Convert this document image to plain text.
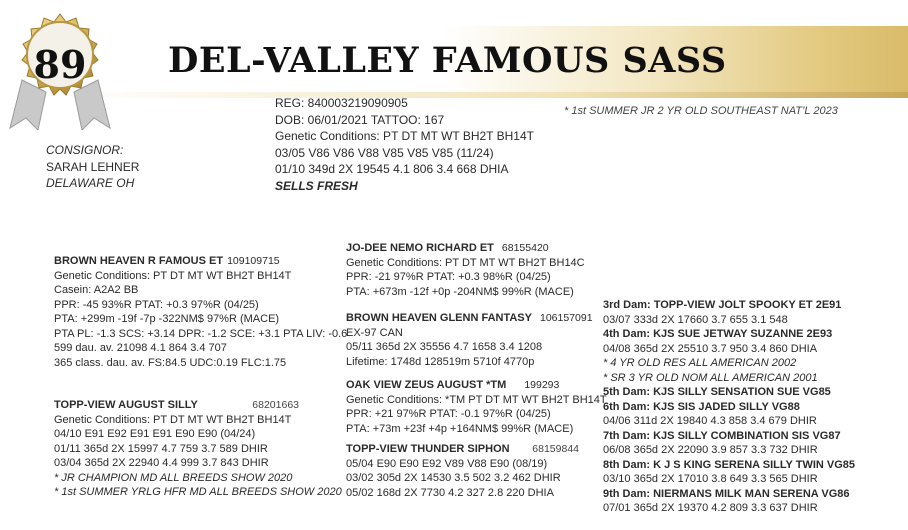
89	DEL-VALLEY FAMOUS SASS
* 1st SUMMER JR 2 YR OLD SOUTHEAST NAT’L 2023
REG: 840003219090905
DOB: 06/01/2021 TATTOO: 167
Genetic Conditions: PT DT MT WT BH2T BH14T
03/05 V86 V86 V88 V85 V85 V85 (11/24)
01/10 349d 2X 19545 4.1 806 3.4 668 DHIA
SELLS FRESH
CONSIGNOR:
SARAH LEHNER
DELAWARE OH
BROWN HEAVEN R FAMOUS ET 109109715
Genetic Conditions: PT DT MT WT BH2T BH14T
Casein: A2A2 BB
PPR: -45 93%R PTAT: +0.3 97%R (04/25)
PTA: +299m -19f -7p -322NM$ 97%R (MACE)
PTA PL: -1.3 SCS: +3.14 DPR: -1.2 SCE: +3.1 PTA LIV: -0.6
599 dau. av. 21098 4.1 864 3.4 707
365 class. dau. av. FS:84.5 UDC:0.19 FLC:1.75
TOPP-VIEW AUGUST SILLY	68201663
Genetic Conditions: PT DT MT WT BH2T BH14T
04/10 E91 E92 E91 E91 E90 E90 (04/24)
01/11 365d 2X 15997 4.7 759 3.7 589 DHIR
03/04 365d 2X 22940 4.4 999 3.7 843 DHIR
* JR CHAMPION MD ALL BREEDS SHOW 2020
* 1st SUMMER YRLG HFR MD ALL BREEDS SHOW 2020
JO-DEE NEMO RICHARD ET 68155420
Genetic Conditions: PT DT MT WT BH2T BH14C
PPR: -21 97%R PTAT: +0.3 98%R (04/25)
PTA: +673m -12f +0p -204NM$ 99%R (MACE)
BROWN HEAVEN GLENN FANTASY 106157091
EX-97 CAN
05/11 365d 2X 35556 4.7 1658 3.4 1208
Lifetime: 1748d 128519m 5710f 4770p
OAK VIEW ZEUS AUGUST *TM 199293
Genetic Conditions: *TM PT DT MT WT BH2T BH14T
PPR: +21 97%R PTAT: -0.1 97%R (04/25)
PTA: +73m +23f +4p +164NM$ 99%R (MACE)
TOPP-VIEW THUNDER SIPHON 68159844
05/04 E90 E90 E92 V89 V88 E90 (08/19)
03/02 305d 2X 14530 3.5 502 3.2 462 DHIR
05/02 168d 2X 7730 4.2 327 2.8 220 DHIA
3rd Dam: TOPP-VIEW JOLT SPOOKY ET 2E91
03/07 333d 2X 17660 3.7 655 3.1 548
4th Dam: KJS SUE JETWAY SUZANNE 2E93
04/08 365d 2X 25510 3.7 950 3.4 860 DHIA
* 4 YR OLD RES ALL AMERICAN 2002
* SR 3 YR OLD NOM ALL AMERICAN 2001
5th Dam: KJS SILLY SENSATION SUE VG85
6th Dam: KJS SIS JADED SILLY VG88
04/06 311d 2X 19840 4.3 858 3.4 679 DHIR
7th Dam: KJS SILLY COMBINATION SIS VG87
06/08 365d 2X 22090 3.9 857 3.3 732 DHIR
8th Dam: K J S KING SERENA SILLY TWIN VG85
03/10 365d 2X 17010 3.8 649 3.3 565 DHIR
9th Dam: NIERMANS MILK MAN SERENA VG86
07/01 365d 2X 19370 4.2 809 3.3 637 DHIR
